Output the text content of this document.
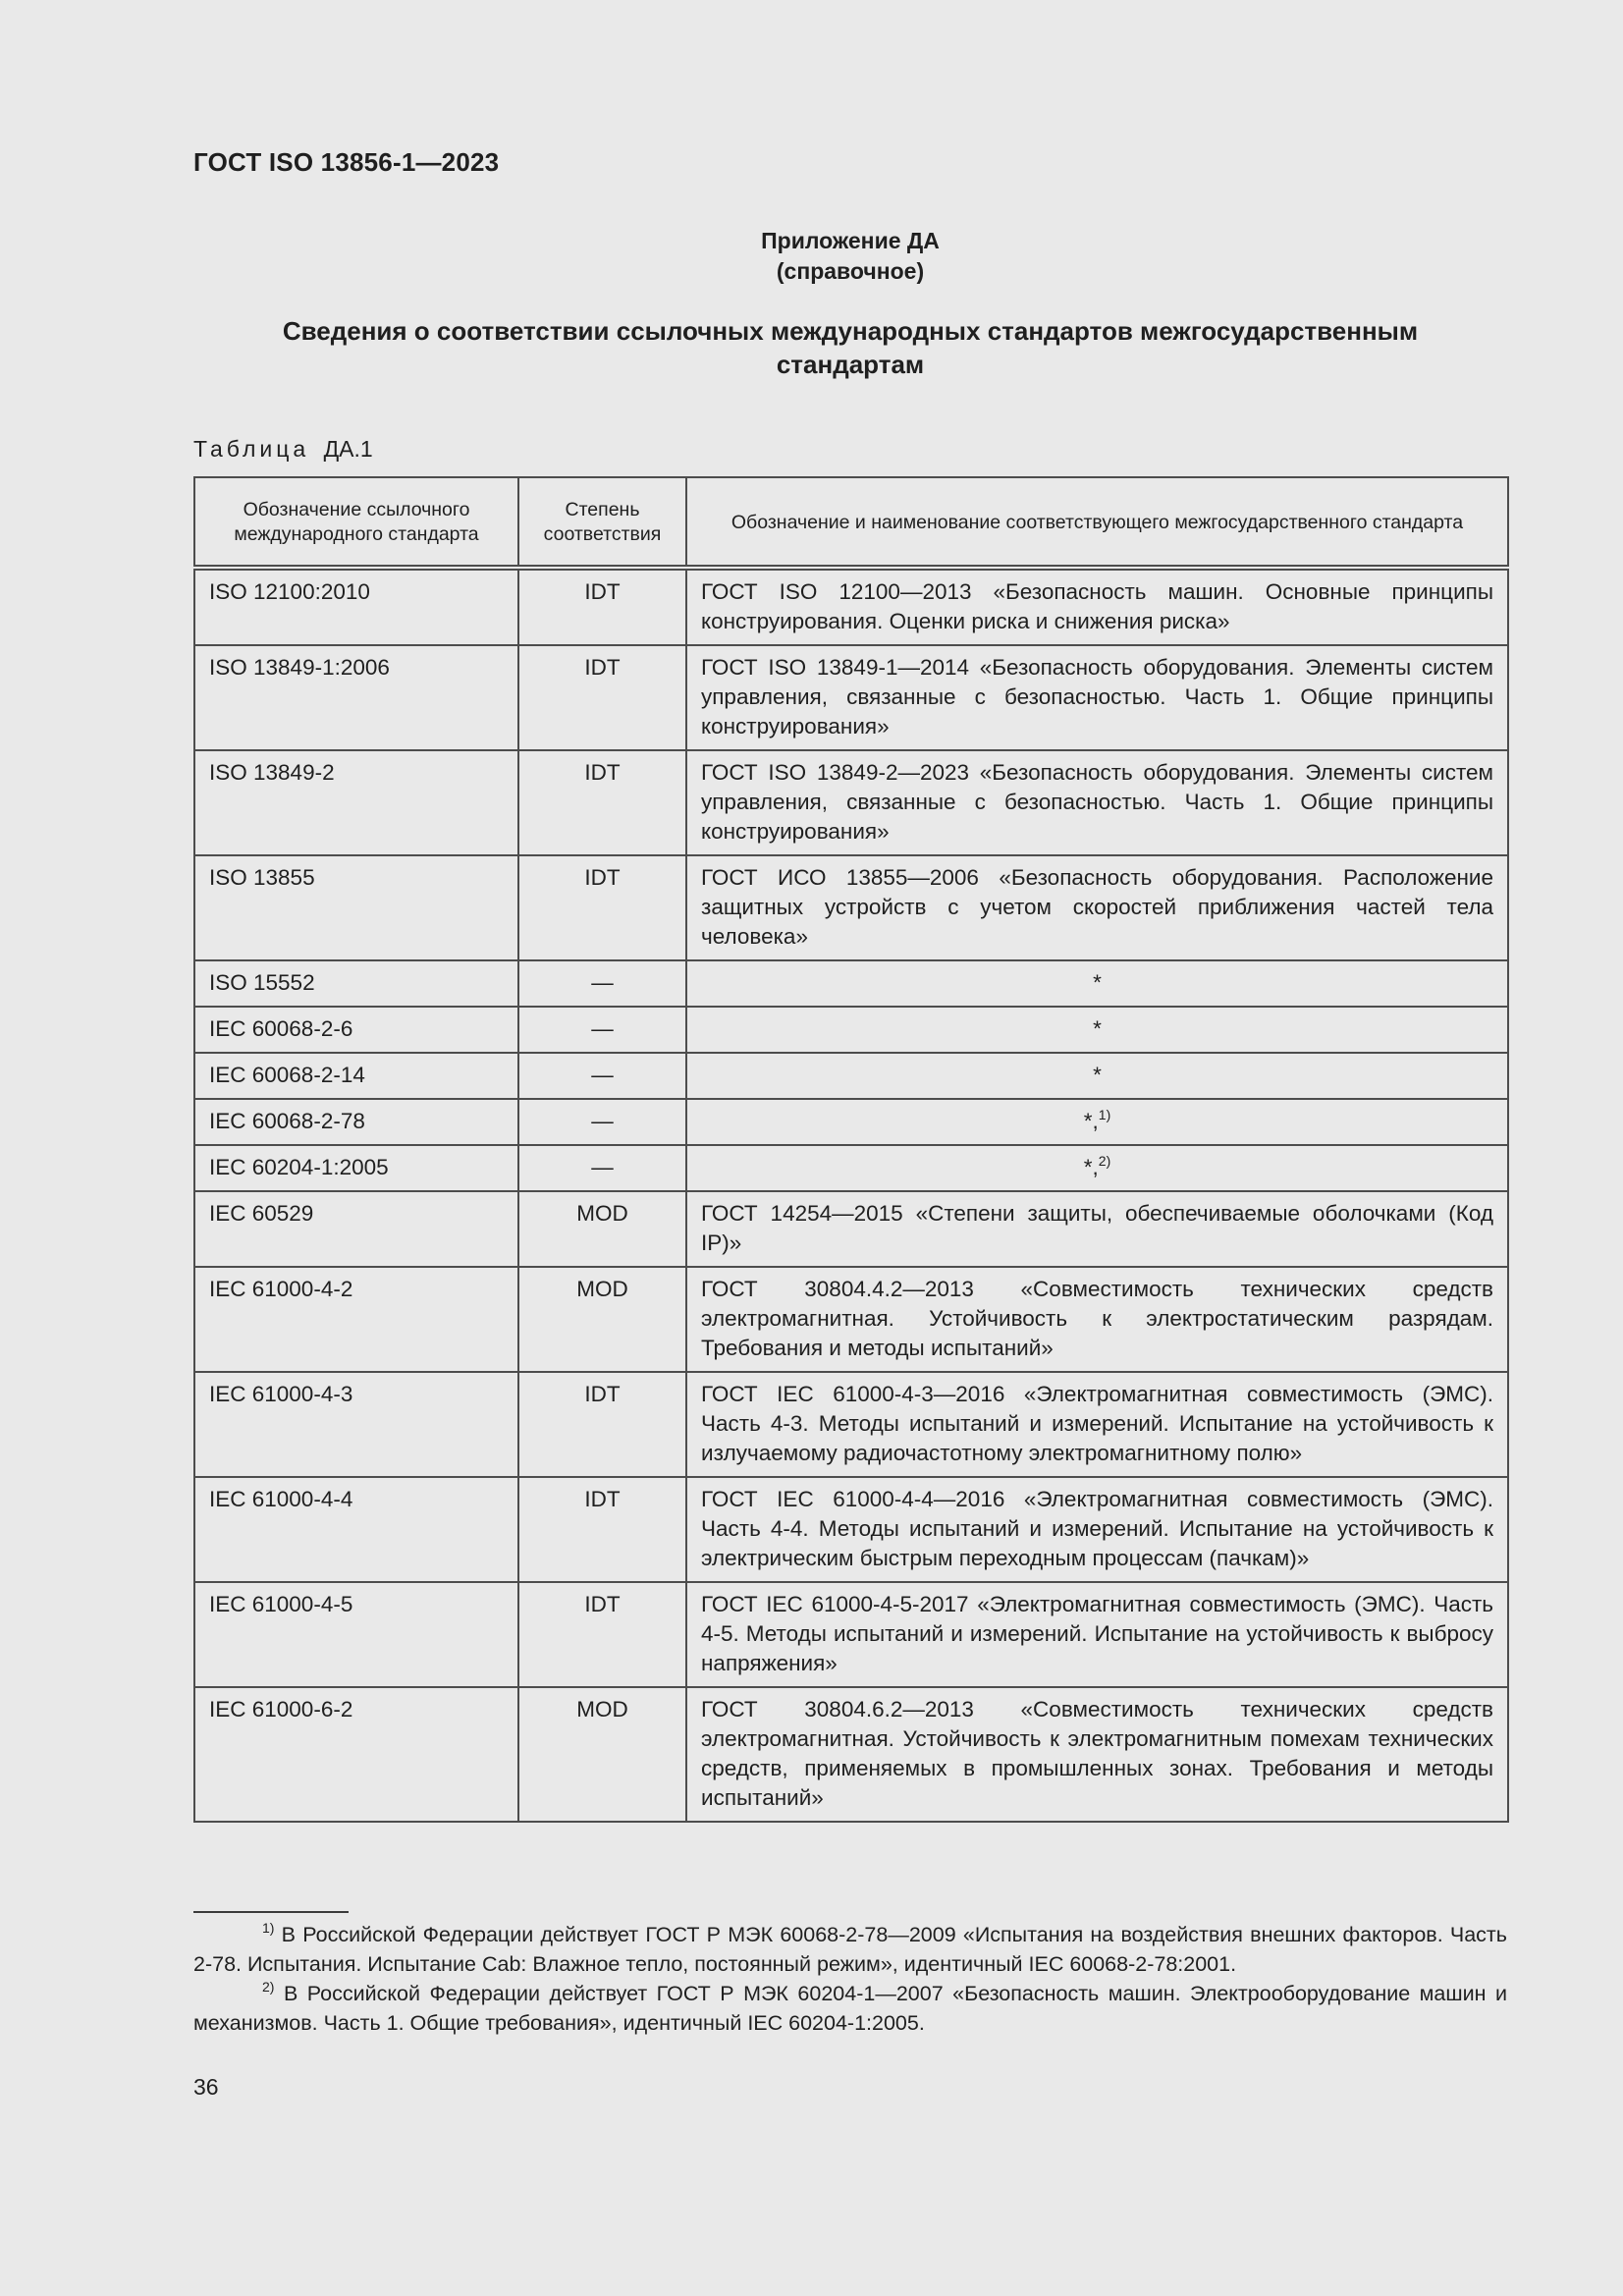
ГОСТ ISO 13856-1—2023
Приложение ДА
(справочное)
Сведения о соответствии ссылочных международных стандартов межгосударственным стандартам
Таблица ДА.1
Обозначение ссылочного международного стандарта	Степень соответствия	Обозначение и наименование соответствующего межгосударственного стандарта
ISO 12100:2010	IDT	ГОСТ ISO 12100—2013 «Безопасность машин. Основные принципы конструирования. Оценки риска и снижения риска»
ISO 13849-1:2006	IDT	ГОСТ ISO 13849-1—2014 «Безопасность оборудования. Элементы систем управления, связанные с безопасностью. Часть 1. Общие принципы конструирования»
ISO 13849-2	IDT	ГОСТ ISO 13849-2—2023 «Безопасность оборудования. Элементы систем управления, связанные с безопасностью. Часть 1. Общие принципы конструирования»
ISO 13855	IDT	ГОСТ ИСО 13855—2006 «Безопасность оборудования. Расположение защитных устройств с учетом скоростей приближения частей тела человека»
ISO 15552	—	*
IEC 60068-2-6	—	*
IEC 60068-2-14	—	*
IEC 60068-2-78	—	*,$^{1)}$
IEC 60204-1:2005	—	*,$^{2)}$
IEC 60529	MOD	ГОСТ 14254—2015 «Степени защиты, обеспечиваемые оболочками (Код IP)»
IEC 61000-4-2	MOD	ГОСТ 30804.4.2—2013 «Совместимость технических средств электромагнитная. Устойчивость к электростатическим разрядам. Требования и методы испытаний»
IEC 61000-4-3	IDT	ГОСТ IEC 61000-4-3—2016 «Электромагнитная совместимость (ЭМС). Часть 4-3. Методы испытаний и измерений. Испытание на устойчивость к излучаемому радиочастотному электромагнитному полю»
IEC 61000-4-4	IDT	ГОСТ IEC 61000-4-4—2016 «Электромагнитная совместимость (ЭМС). Часть 4-4. Методы испытаний и измерений. Испытание на устойчивость к электрическим быстрым переходным процессам (пачкам)»
IEC 61000-4-5	IDT	ГОСТ IEC 61000-4-5-2017 «Электромагнитная совместимость (ЭМС). Часть 4-5. Методы испытаний и измерений. Испытание на устойчивость к выбросу напряжения»
IEC 61000-6-2	MOD	ГОСТ 30804.6.2—2013 «Совместимость технических средств электромагнитная. Устойчивость к электромагнитным помехам технических средств, применяемых в промышленных зонах. Требования и методы испытаний»

$^{1)}$ В Российской Федерации действует ГОСТ Р МЭК 60068-2-78—2009 «Испытания на воздействия внешних факторов. Часть 2-78. Испытания. Испытание Cab: Влажное тепло, постоянный режим», идентичный IEC 60068-2-78:2001.

$^{2)}$ В Российской Федерации действует ГОСТ Р МЭК 60204-1—2007 «Безопасность машин. Электрооборудование машин и механизмов. Часть 1. Общие требования», идентичный IEC 60204-1:2005.

36
